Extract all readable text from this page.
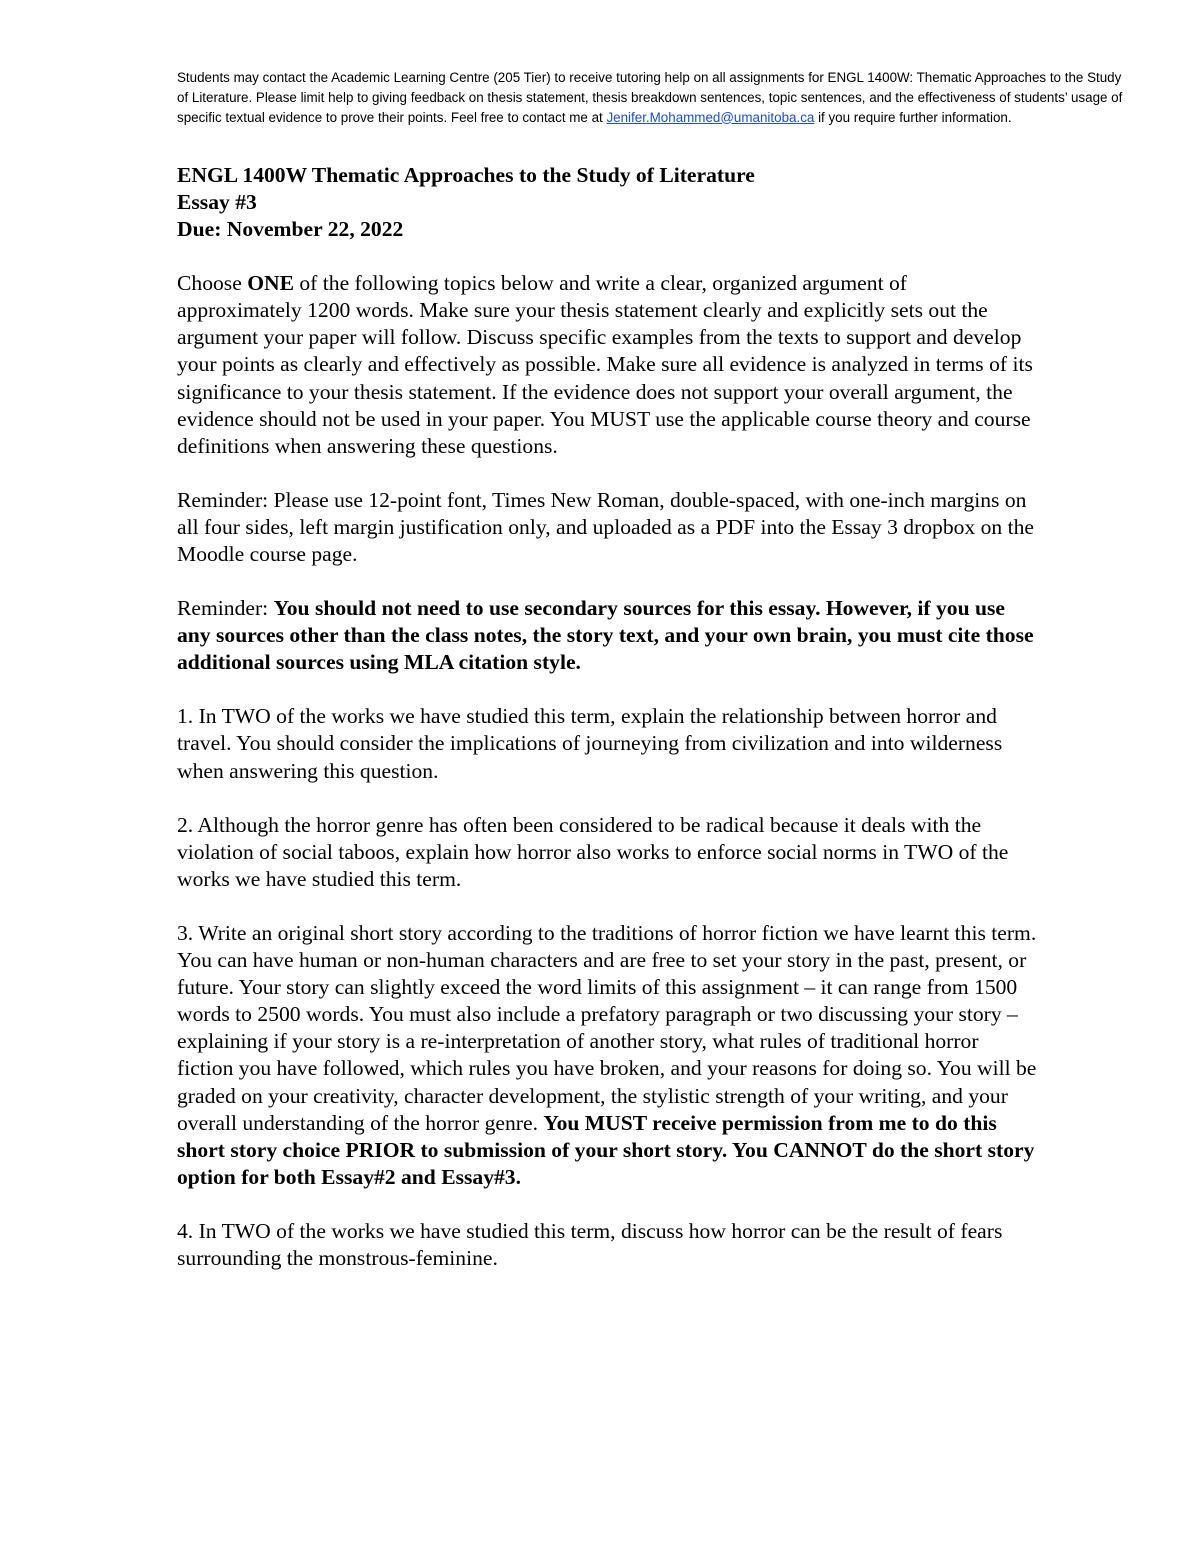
Students may contact the Academic Learning Centre (205 Tier) to receive tutoring help on all assignments for ENGL 1400W: Thematic Approaches to the Study of Literature. Please limit help to giving feedback on thesis statement, thesis breakdown sentences, topic sentences, and the effectiveness of students’ usage of specific textual evidence to prove their points. Feel free to contact me at Jenifer.Mohammed@umanitoba.ca if you require further information.

ENGL 1400W Thematic Approaches to the Study of Literature
Essay #3
Due: November 22, 2022

Choose ONE of the following topics below and write a clear, organized argument of approximately 1200 words. Make sure your thesis statement clearly and explicitly sets out the argument your paper will follow. Discuss specific examples from the texts to support and develop your points as clearly and effectively as possible. Make sure all evidence is analyzed in terms of its significance to your thesis statement. If the evidence does not support your overall argument, the evidence should not be used in your paper. You MUST use the applicable course theory and course definitions when answering these questions.

Reminder: Please use 12-point font, Times New Roman, double-spaced, with one-inch margins on all four sides, left margin justification only, and uploaded as a PDF into the Essay 3 dropbox on the Moodle course page.

Reminder: You should not need to use secondary sources for this essay. However, if you use any sources other than the class notes, the story text, and your own brain, you must cite those additional sources using MLA citation style.

1. In TWO of the works we have studied this term, explain the relationship between horror and travel. You should consider the implications of journeying from civilization and into wilderness when answering this question.

2. Although the horror genre has often been considered to be radical because it deals with the violation of social taboos, explain how horror also works to enforce social norms in TWO of the works we have studied this term.

3. Write an original short story according to the traditions of horror fiction we have learnt this term. You can have human or non-human characters and are free to set your story in the past, present, or future. Your story can slightly exceed the word limits of this assignment – it can range from 1500 words to 2500 words. You must also include a prefatory paragraph or two discussing your story – explaining if your story is a re-interpretation of another story, what rules of traditional horror fiction you have followed, which rules you have broken, and your reasons for doing so. You will be graded on your creativity, character development, the stylistic strength of your writing, and your overall understanding of the horror genre. You MUST receive permission from me to do this short story choice PRIOR to submission of your short story. You CANNOT do the short story option for both Essay#2 and Essay#3.

4. In TWO of the works we have studied this term, discuss how horror can be the result of fears surrounding the monstrous-feminine.
